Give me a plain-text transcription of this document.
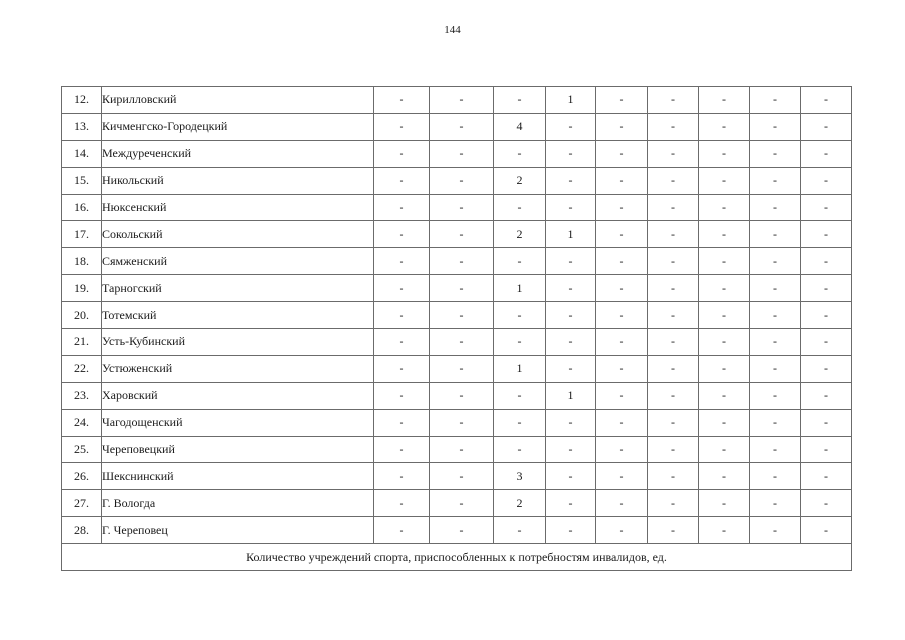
144
12.	Кирилловский	-	-	-	1	-	-	-	-	-
13.	Кичменгско-Городецкий	-	-	4	-	-	-	-	-	-
14.	Междуреченский	-	-	-	-	-	-	-	-	-
15.	Никольский	-	-	2	-	-	-	-	-	-
16.	Нюксенский	-	-	-	-	-	-	-	-	-
17.	Сокольский	-	-	2	1	-	-	-	-	-
18.	Сямженский	-	-	-	-	-	-	-	-	-
19.	Тарногский	-	-	1	-	-	-	-	-	-
20.	Тотемский	-	-	-	-	-	-	-	-	-
21.	Усть-Кубинский	-	-	-	-	-	-	-	-	-
22.	Устюженский	-	-	1	-	-	-	-	-	-
23.	Харовский	-	-	-	1	-	-	-	-	-
24.	Чагодощенский	-	-	-	-	-	-	-	-	-
25.	Череповецкий	-	-	-	-	-	-	-	-	-
26.	Шекснинский	-	-	3	-	-	-	-	-	-
27.	Г. Вологда	-	-	2	-	-	-	-	-	-
28.	Г. Череповец	-	-	-	-	-	-	-	-	-
Количество учреждений спорта, приспособленных к потребностям инвалидов, ед.										
